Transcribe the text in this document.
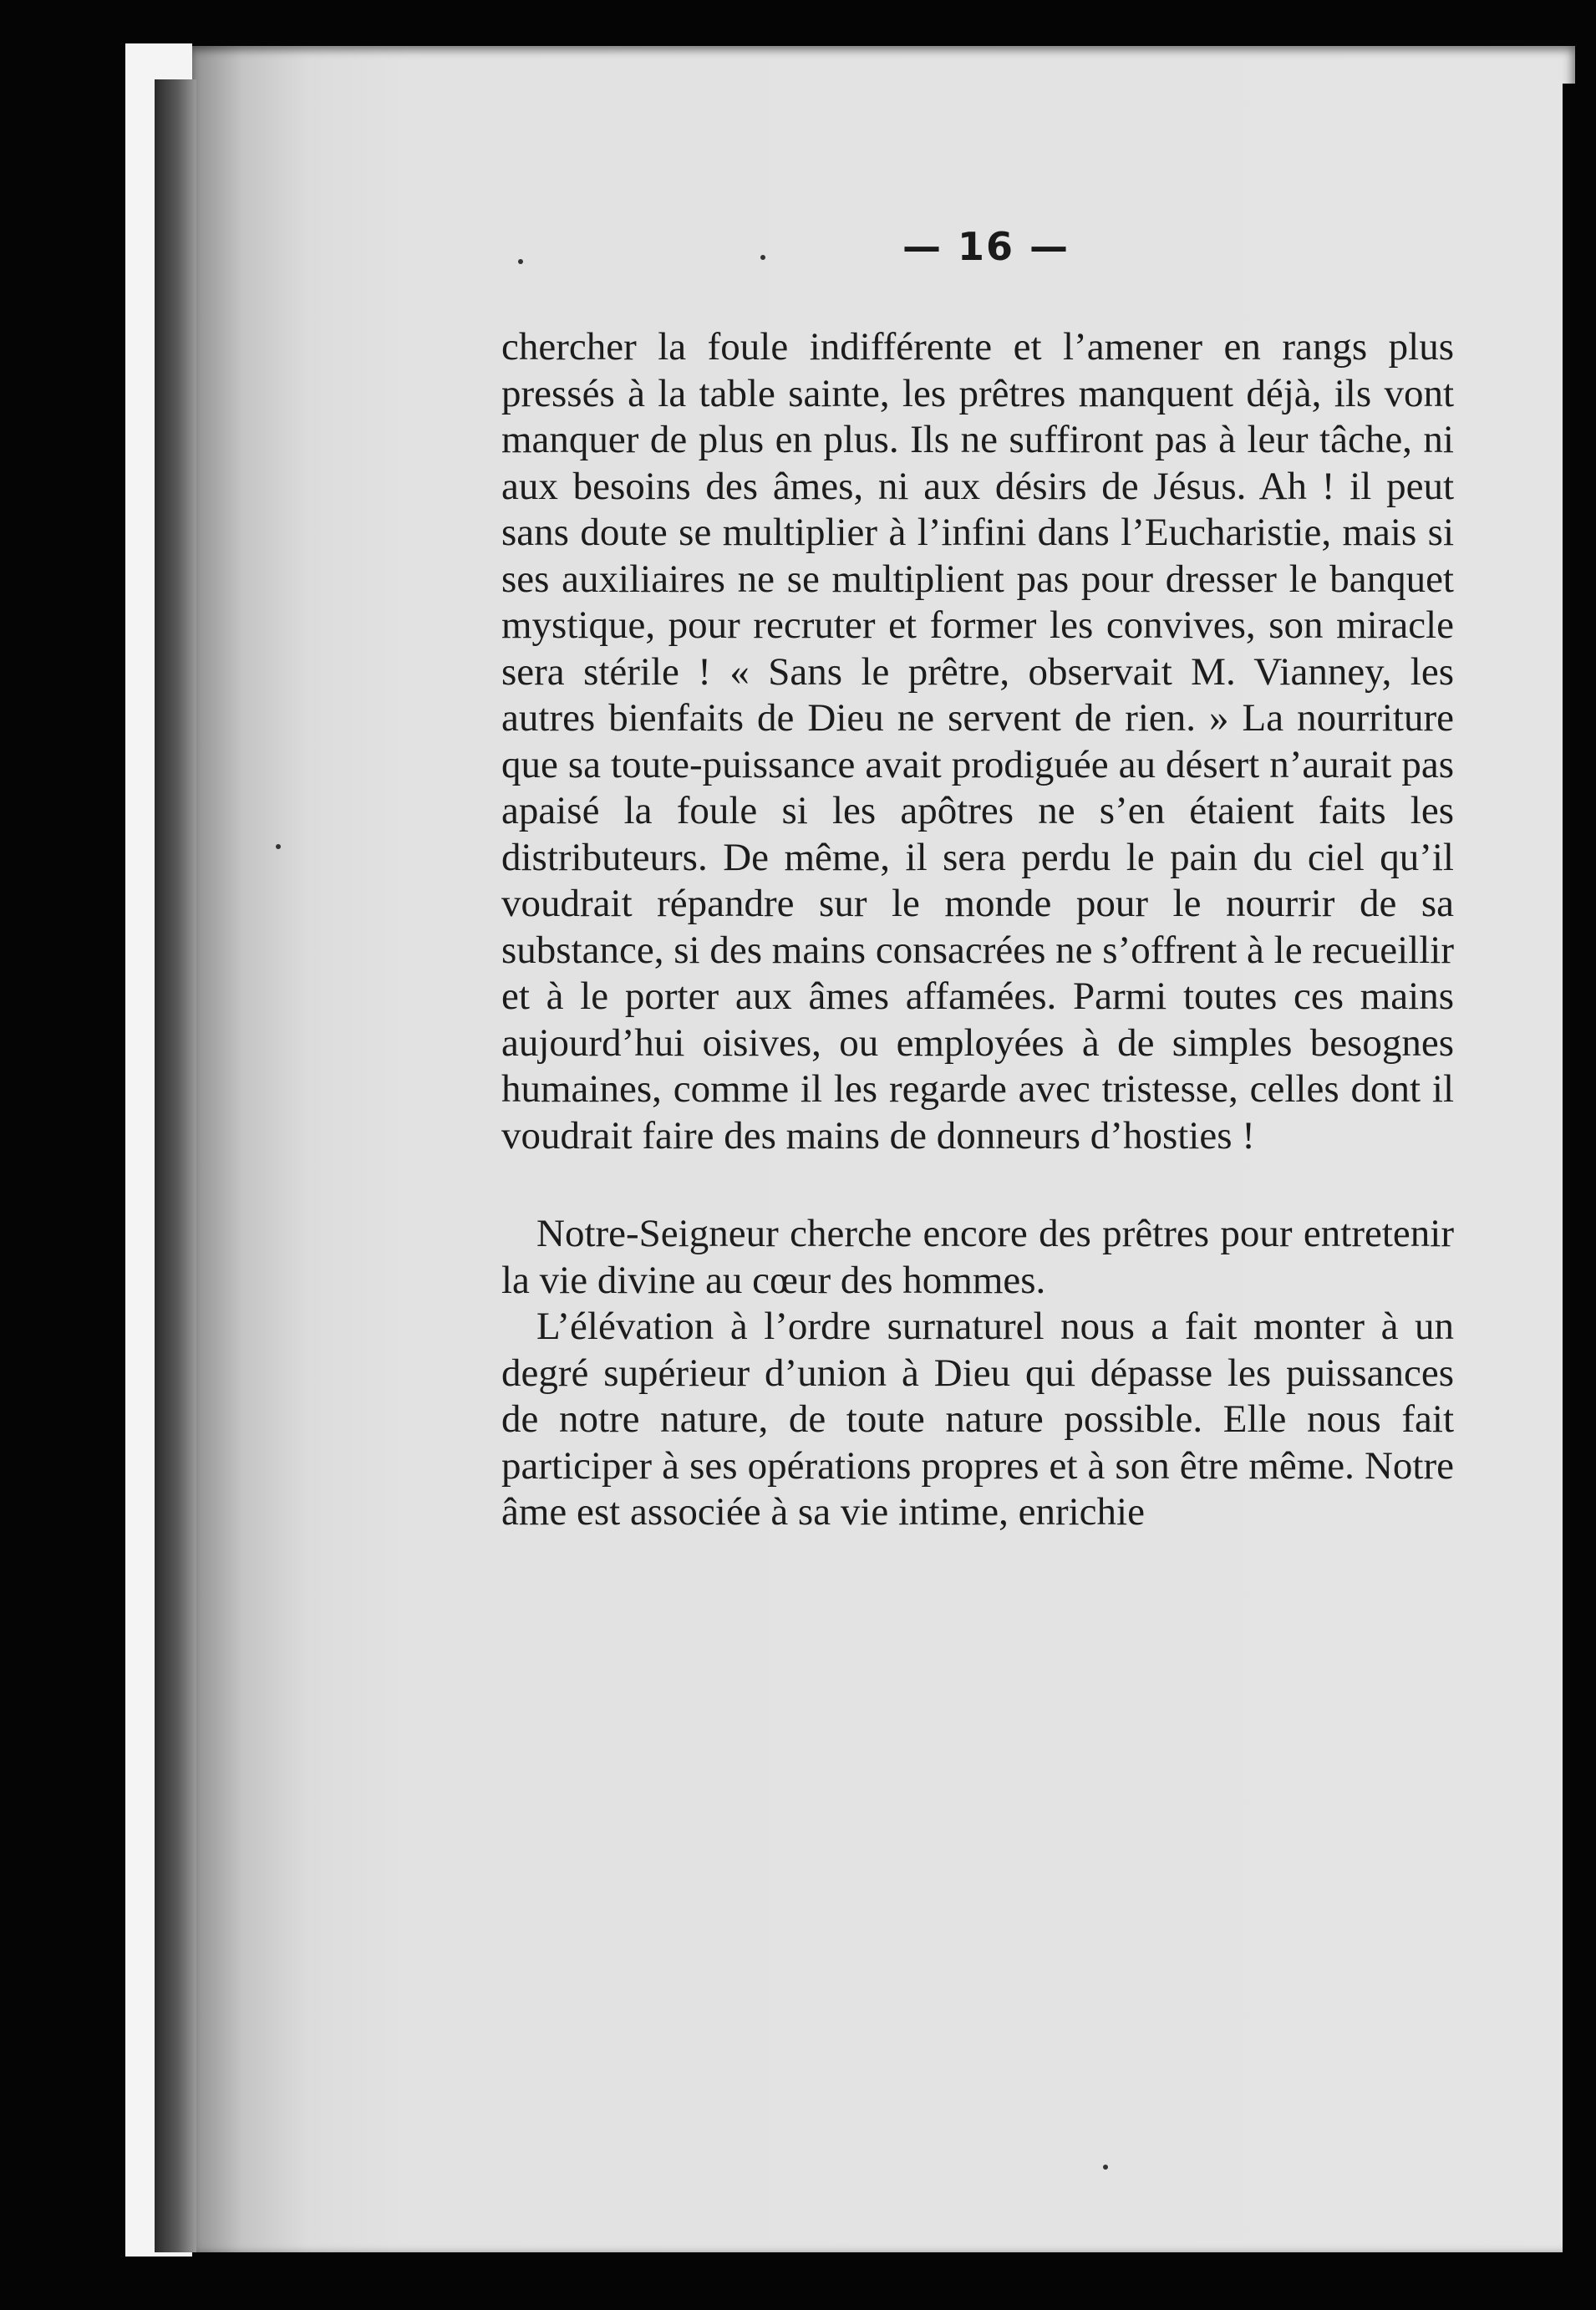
— 16 —

chercher la foule indifférente et l’amener en rangs plus pressés à la table sainte, les prêtres manquent déjà, ils vont manquer de plus en plus. Ils ne suffiront pas à leur tâche, ni aux besoins des âmes, ni aux désirs de Jésus. Ah ! il peut sans doute se multiplier à l’infini dans l’Eucharistie, mais si ses auxiliaires ne se multiplient pas pour dresser le banquet mystique, pour recruter et former les convives, son miracle sera stérile ! « Sans le prêtre, observait M. Vianney, les autres bienfaits de Dieu ne servent de rien. » La nourriture que sa toute-puissance avait prodiguée au désert n’aurait pas apaisé la foule si les apôtres ne s’en étaient faits les distributeurs. De même, il sera perdu le pain du ciel qu’il voudrait répandre sur le monde pour le nourrir de sa substance, si des mains consacrées ne s’offrent à le recueillir et à le porter aux âmes affamées. Parmi toutes ces mains aujourd’hui oisives, ou employées à de simples besognes humaines, comme il les regarde avec tristesse, celles dont il voudrait faire des mains de donneurs d’hosties !

Notre-Seigneur cherche encore des prêtres pour entretenir la vie divine au cœur des hommes.

L’élévation à l’ordre surnaturel nous a fait monter à un degré supérieur d’union à Dieu qui dépasse les puissances de notre nature, de toute nature possible. Elle nous fait participer à ses opérations propres et à son être même. Notre âme est associée à sa vie intime, enrichie
